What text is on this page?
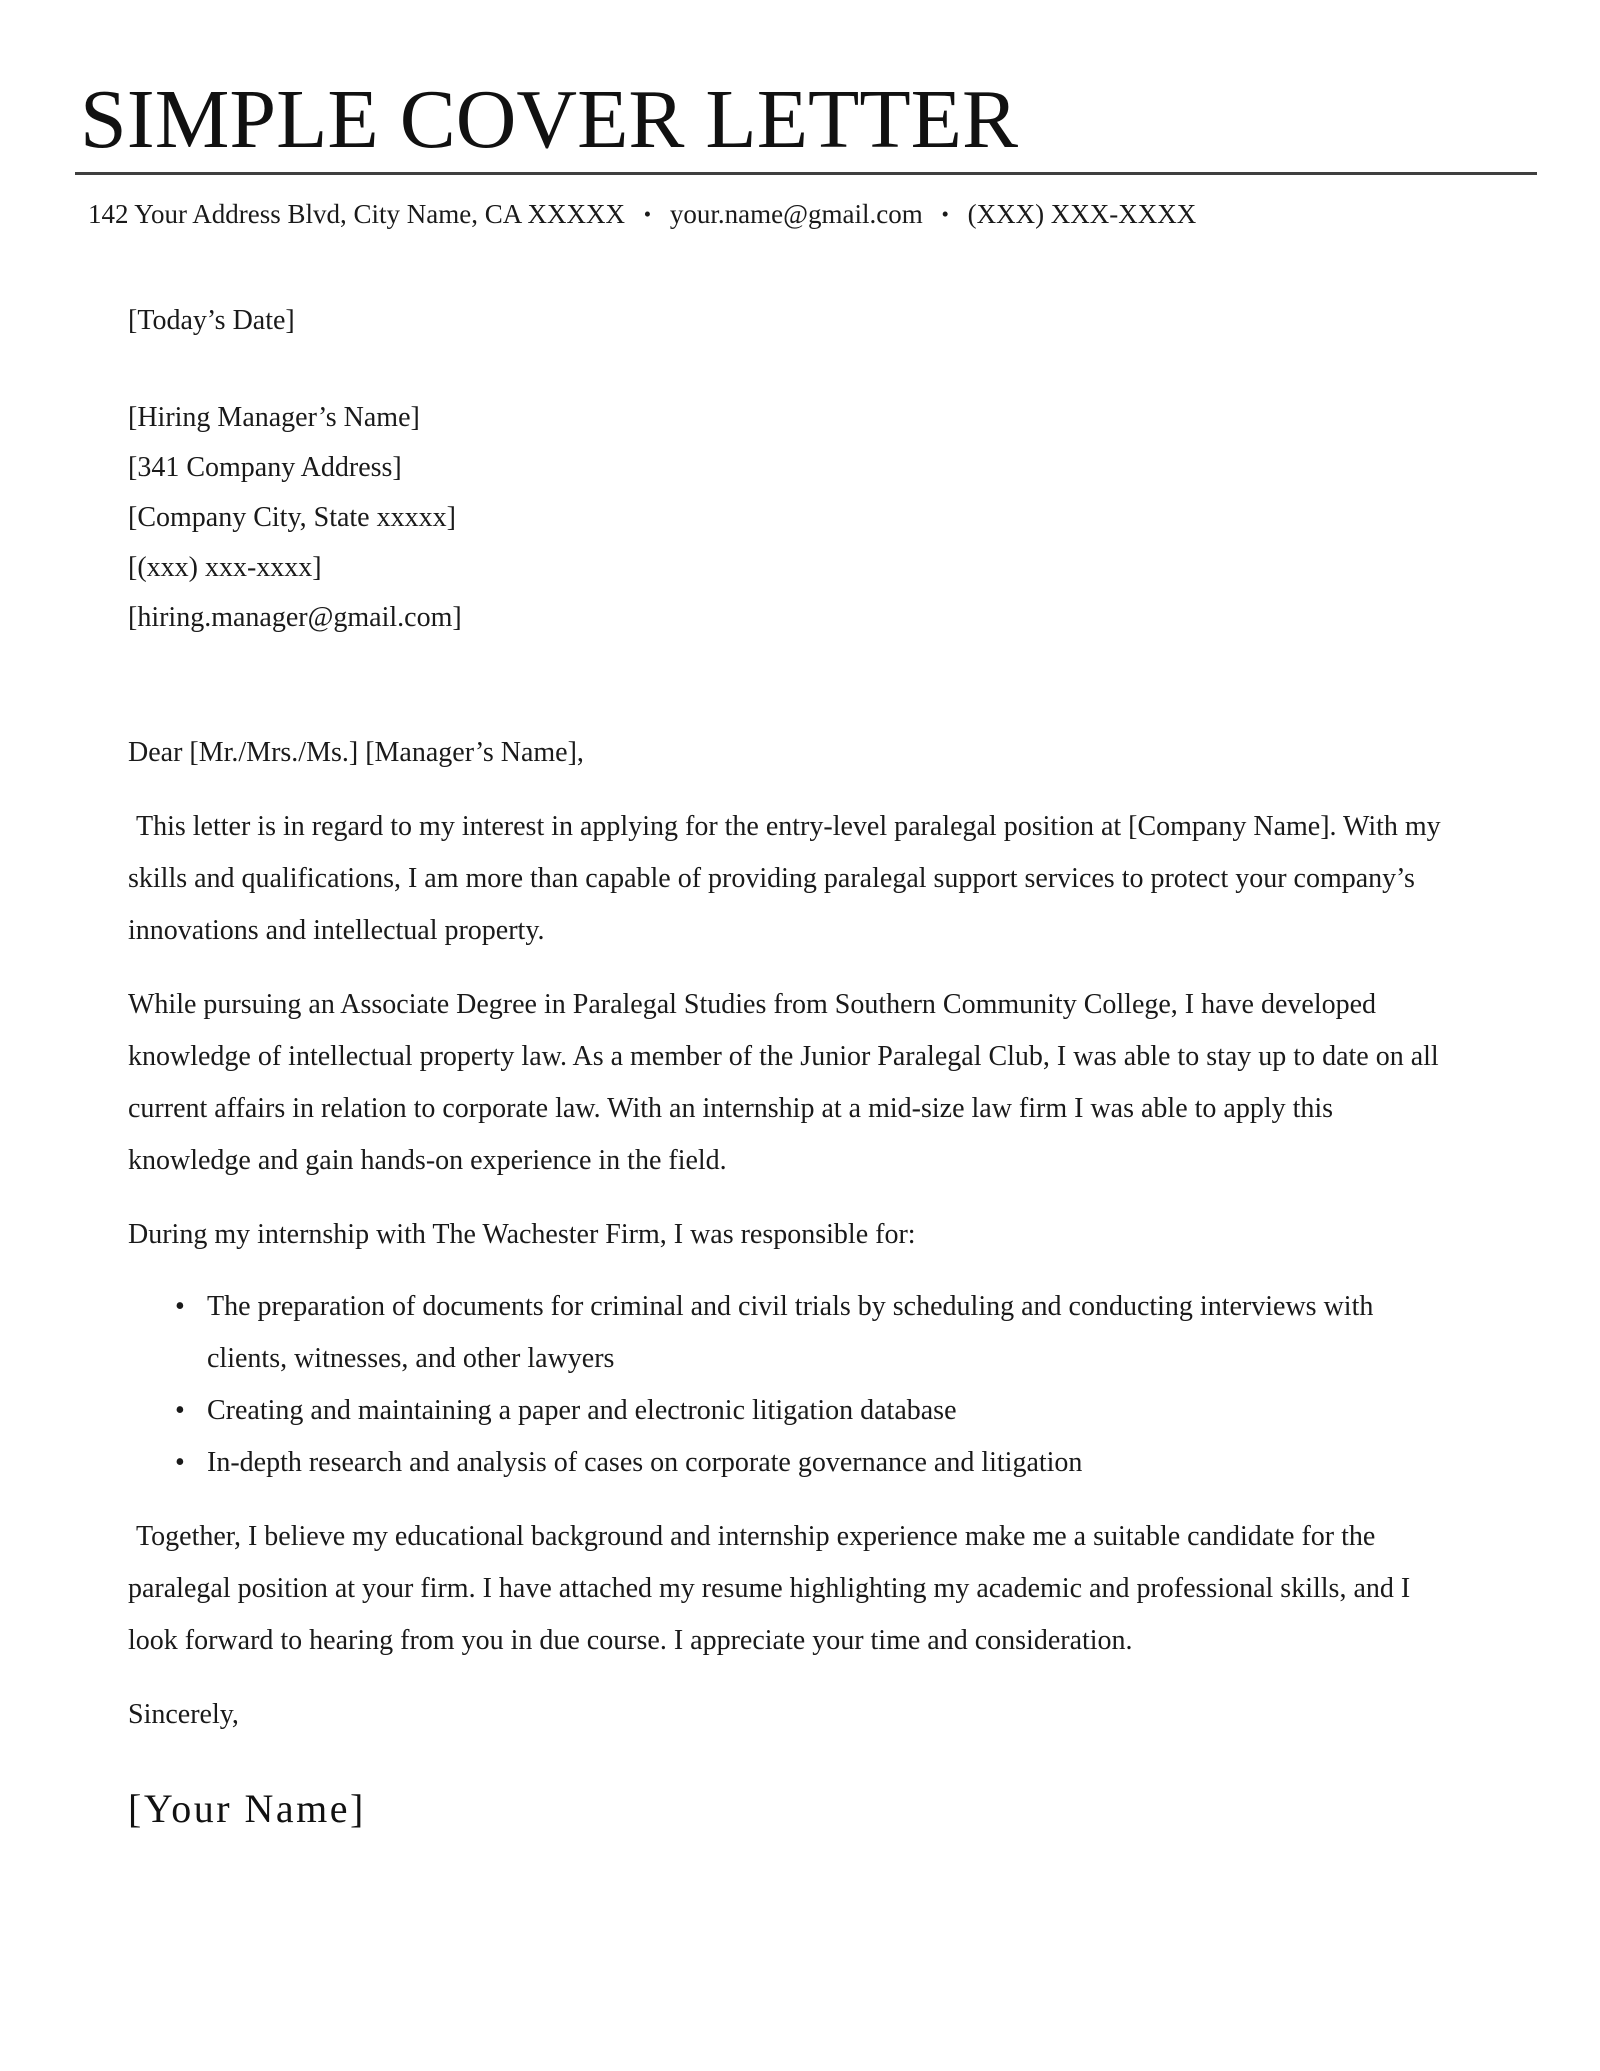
SIMPLE COVER LETTER

142 Your Address Blvd, City Name, CA XXXXX • your.name@gmail.com • (XXX) XXX-XXXX

[Today’s Date]

[Hiring Manager’s Name]

[341 Company Address]

[Company City, State xxxxx]

[(xxx) xxx-xxxx]

[hiring.manager@gmail.com]

Dear [Mr./Mrs./Ms.] [Manager’s Name],

This letter is in regard to my interest in applying for the entry-level paralegal position at [Company Name]. With my skills and qualifications, I am more than capable of providing paralegal support services to protect your company’s innovations and intellectual property.

While pursuing an Associate Degree in Paralegal Studies from Southern Community College, I have developed knowledge of intellectual property law. As a member of the Junior Paralegal Club, I was able to stay up to date on all current affairs in relation to corporate law. With an internship at a mid-size law firm I was able to apply this knowledge and gain hands-on experience in the field.

During my internship with The Wachester Firm, I was responsible for:

• The preparation of documents for criminal and civil trials by scheduling and conducting interviews with clients, witnesses, and other lawyers
• Creating and maintaining a paper and electronic litigation database
• In-depth research and analysis of cases on corporate governance and litigation

Together, I believe my educational background and internship experience make me a suitable candidate for the paralegal position at your firm. I have attached my resume highlighting my academic and professional skills, and I look forward to hearing from you in due course. I appreciate your time and consideration.

Sincerely,

[Your Name]
